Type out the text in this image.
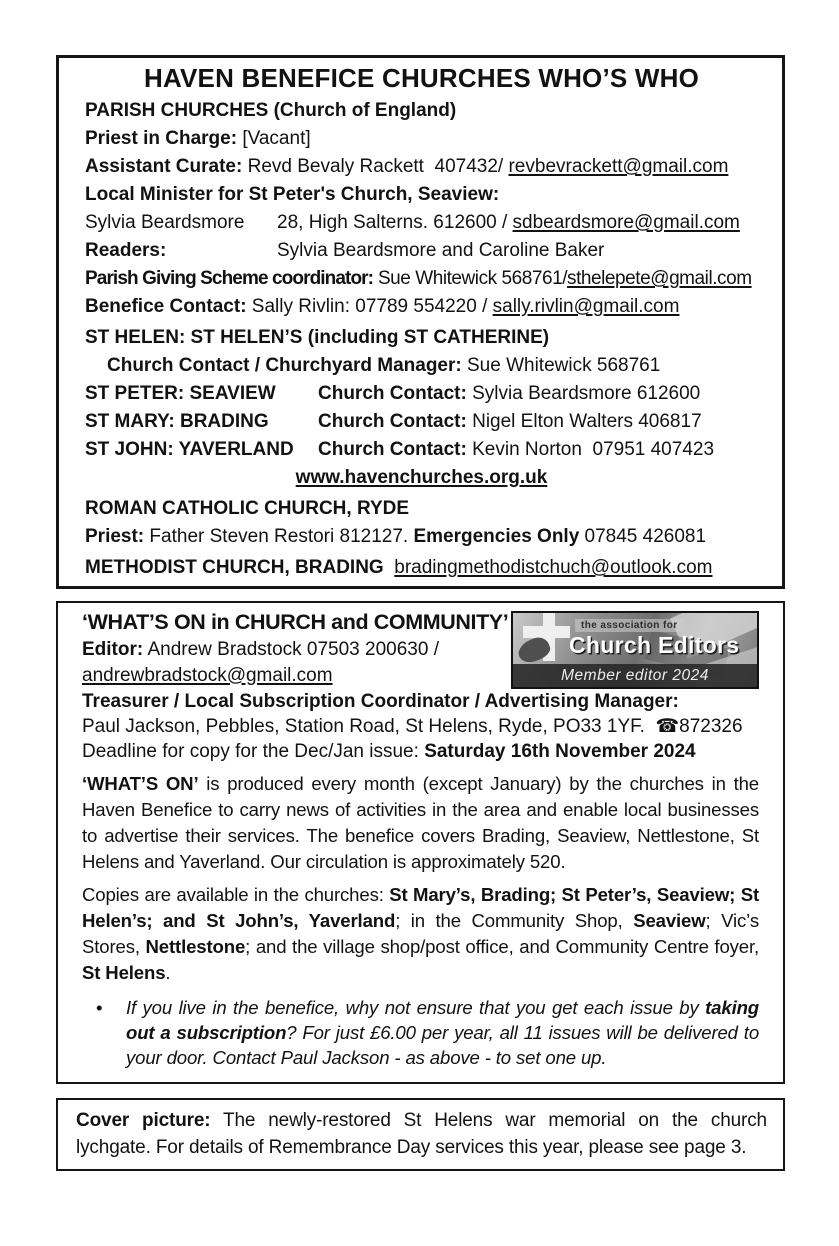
HAVEN BENEFICE CHURCHES WHO’S WHO
PARISH CHURCHES (Church of England)
Priest in Charge: [Vacant]
Assistant Curate: Revd Bevaly Rackett  407432/ revbevrackett@gmail.com
Local Minister for St Peter's Church, Seaview:
Sylvia Beardsmore 28, High Salterns. 612600 / sdbeardsmore@gmail.com
Readers:	Sylvia Beardsmore and Caroline Baker
Parish Giving Scheme coordinator: Sue Whitewick 568761/sthelepete@gmail.com
Benefice Contact: Sally Rivlin: 07789 554220 / sally.rivlin@gmail.com
ST HELEN: ST HELEN’S (including ST CATHERINE)
Church Contact / Churchyard Manager: Sue Whitewick 568761
ST PETER: SEAVIEW Church Contact: Sylvia Beardsmore 612600
ST MARY: BRADING	Church Contact: Nigel Elton Walters 406817
ST JOHN: YAVERLAND Church Contact: Kevin Norton  07951 407423
www.havenchurches.org.uk
ROMAN CATHOLIC CHURCH, RYDE
Priest: Father Steven Restori 812127. Emergencies Only 07845 426081
METHODIST CHURCH, BRADING bradingmethodistchuch@outlook.com
‘WHAT’S ON in CHURCH and COMMUNITY’
Editor: Andrew Bradstock 07503 200630 /
andrewbradstock@gmail.com
the association for
Church Editors
Member editor 2024
Treasurer / Local Subscription Coordinator / Advertising Manager:
Paul Jackson, Pebbles, Station Road, St Helens, Ryde, PO33 1YF.  ☎872326
Deadline for copy for the Dec/Jan issue: Saturday 16th November 2024

‘WHAT’S ON’ is produced every month (except January) by the churches in the Haven Benefice to carry news of activities in the area and enable local businesses to advertise their services. The benefice covers Brading, Seaview, Nettlestone, St Helens and Yaverland. Our circulation is approximately 520.

Copies are available in the churches: St Mary’s, Brading; St Peter’s, Seaview; St Helen’s; and St John’s, Yaverland; in the Community Shop, Seaview; Vic’s Stores, Nettlestone; and the village shop/post office, and Community Centre foyer, St Helens.

• If you live in the benefice, why not ensure that you get each issue by taking out a subscription? For just £6.00 per year, all 11 issues will be delivered to your door. Contact Paul Jackson - as above - to set one up.

Cover picture: The newly-restored St Helens war memorial on the church lychgate. For details of Remembrance Day services this year, please see page 3.
